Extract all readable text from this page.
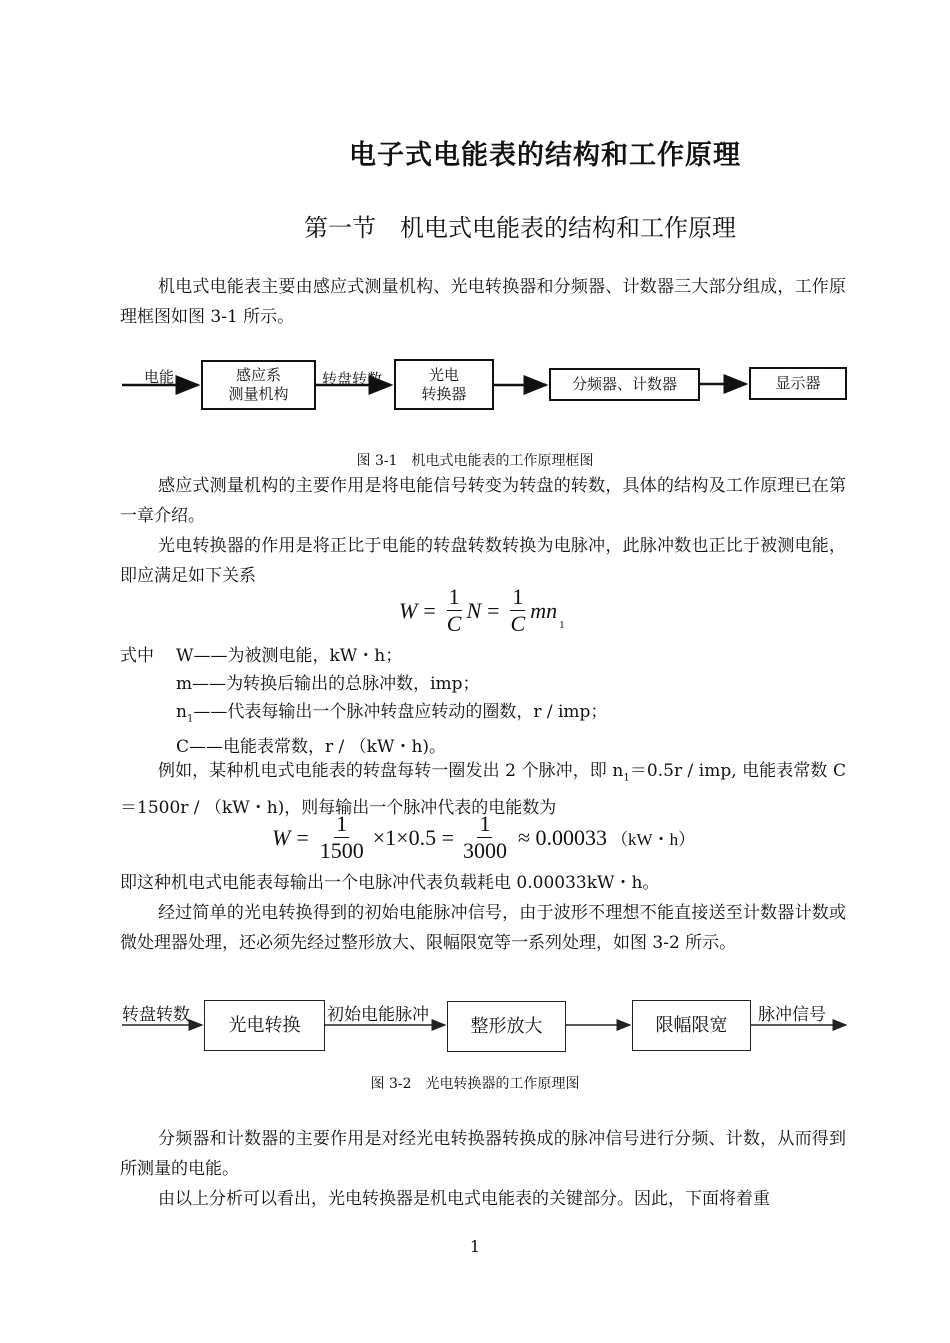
电子式电能表的结构和工作原理
第一节　机电式电能表的结构和工作原理
机电式电能表主要由感应式测量机构、光电转换器和分频器、计数器三大部分组成，工作原理框图如图 3-1 所示。
电能	感应系
测量机构
转盘转数	光电
转换器
分频器、计数器	显示器
图 3-1　机电式电能表的工作原理框图
感应式测量机构的主要作用是将电能信号转变为转盘的转数，具体的结构及工作原理已在第一章介绍。
光电转换器的作用是将正比于电能的转盘转数转换为电脉冲，此脉冲数也正比于被测电能，即应满足如下关系
$W = \frac{1}{C}$ $N = \frac{1}{C}$ mn
1
式中	W——为被测电能，kW・h；
m——为转换后输出的总脉冲数，imp；
$n_1——$代表每输出一个脉冲转盘应转动的圈数，r / imp；
C——电能表常数，r / （kW・h)。
例如，某种机电式电能表的转盘每转一圈发出 2 个脉冲，即 $n_1=0.5r$ / imp, 电能表常数 C＝1500r / （kW・h)，则每输出一个脉冲代表的电能数为
$W = \frac{1}{1500} \times 1\times 0.5 = \frac{1}{3000} \approx 0.00033$ （kW・h）
即这种机电式电能表每输出一个电脉冲代表负载耗电 0.00033kW・h。
经过简单的光电转换得到的初始电能脉冲信号，由于波形不理想不能直接送至计数器计数或微处理器处理，还必须先经过整形放大、限幅限宽等一系列处理，如图 3-2 所示。
转盘转数	光电转换	初始电能脉冲
整形放大	限幅限宽	脉冲信号
图 3-2　光电转换器的工作原理图
分频器和计数器的主要作用是对经光电转换器转换成的脉冲信号进行分频、计数，从而得到所测量的电能。
由以上分析可以看出，光电转换器是机电式电能表的关键部分。因此，下面将着重
1
